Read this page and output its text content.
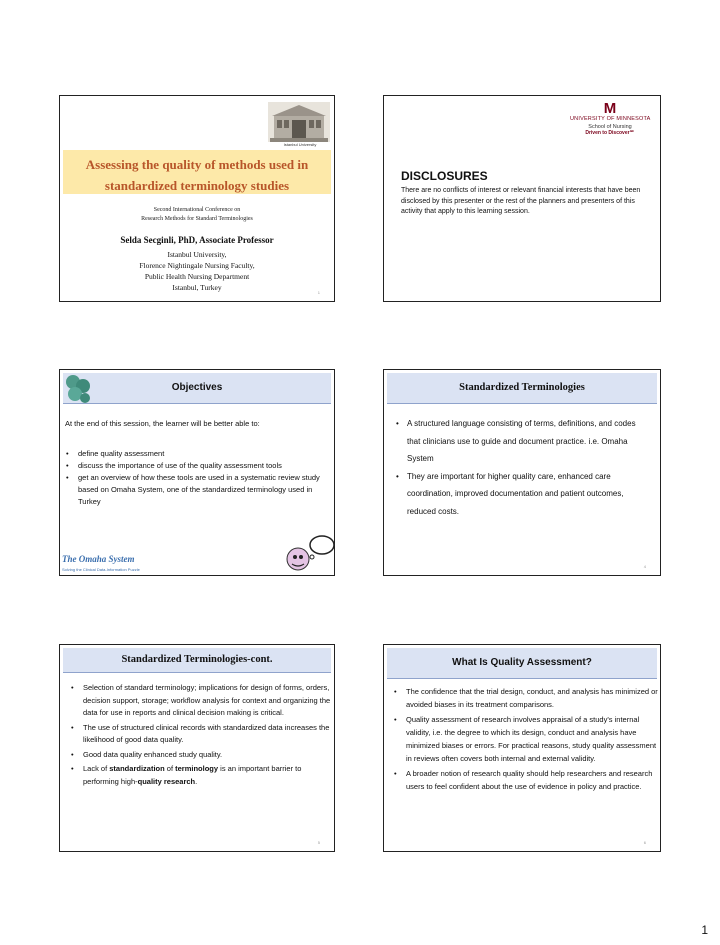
Istanbul University
Assessing the quality of methods used in
standardized terminology studies
Second International Conference on
Research Methods for Standard Terminologies
Selda Secginli, PhD, Associate Professor
Istanbul University,
Florence Nightingale Nursing Faculty,
Public Health Nursing Department
Istanbul, Turkey
1
M
UNIVERSITY OF MINNESOTA
School of Nursing
Driven to Discover℠
DISCLOSURES
There are no conflicts of interest or relevant financial interests that have been disclosed by this presenter or the rest of the planners and presenters of this activity that apply to this learning session.
Objectives
At the end of this session, the learner will be better able to:
• define quality assessment
• discuss the importance of use of the quality assessment tools
• get an overview of how these tools are used in a systematic review study based on Omaha System, one of the standardized terminology used in Turkey
The Omaha System
Solving the Clinical Data-Information Puzzle
Standardized Terminologies
• A structured language consisting of terms, definitions, and codes that clinicians use to guide and document practice. i.e. Omaha System
• They are important for higher quality care, enhanced care coordination, improved documentation and patient outcomes, reduced costs.
4
Standardized Terminologies-cont.
• Selection of standard terminology; implications for design of forms, orders, decision support, storage; workflow analysis for context and organizing the data for use in reports and clinical decision making is critical.
• The use of structured clinical records with standardized data increases the likelihood of good data quality.
• Good data quality enhanced study quality.
• Lack of standardization of terminology is an important barrier to performing high-quality research.
5
What Is Quality Assessment?
• The confidence that the trial design, conduct, and analysis has minimized or avoided biases in its treatment comparisons.
• Quality assessment of research involves appraisal of a study's internal validity, i.e. the degree to which its design, conduct and analysis have minimized biases or errors. For practical reasons, study quality assessment in reviews often covers both internal and external validity.
• A broader notion of research quality should help researchers and research users to feel confident about the use of evidence in policy and practice.
6
1
